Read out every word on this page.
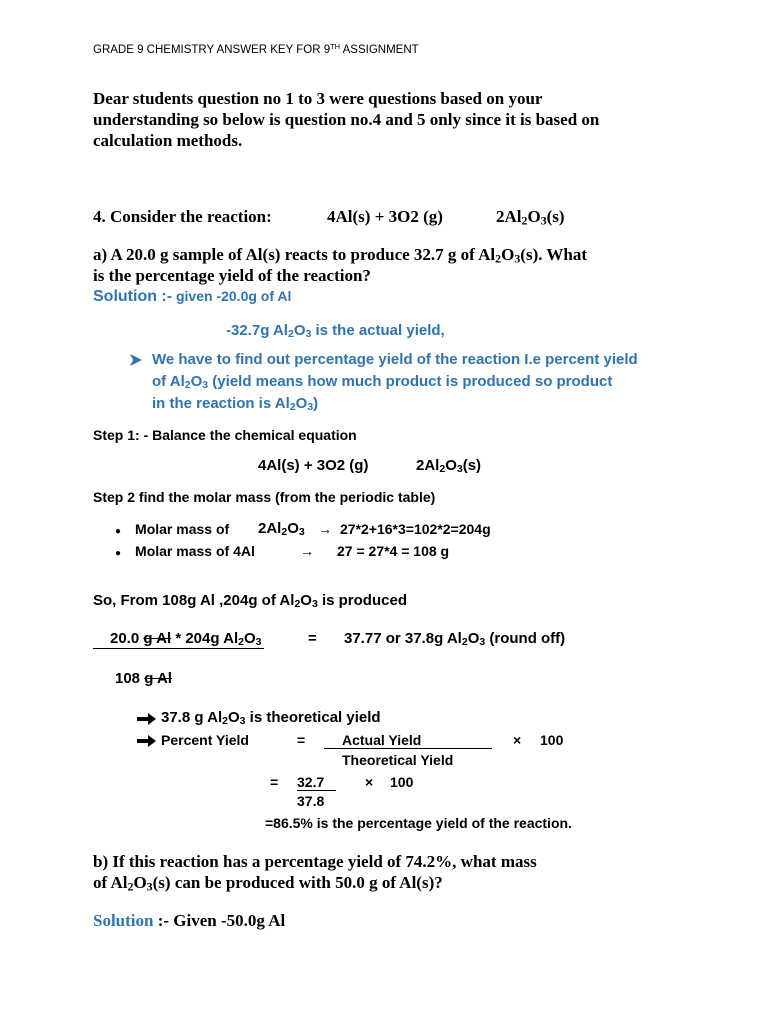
GRADE 9 CHEMISTRY ANSWER KEY FOR 9TH ASSIGNMENT
Dear students question no 1 to 3 were questions based on your
understanding so below is question no.4 and 5 only since it is based on
calculation methods.
4. Consider the reaction:	4Al(s) + 3O2 (g)	$2Al_2O_3(s)$
a) A 20.0 g sample of Al(s) reacts to produce 32.7 g of $Al_2O_3(s)$. What
is the percentage yield of the reaction?
Solution :- given -20.0g of Al
-32.7g $Al_2O_3$ is the actual yield,
We have to find out percentage yield of the reaction I.e percent yield
of $Al_2O_3$ (yield means how much product is produced so product
in the reaction is $Al_2O_3$)
Step 1: - Balance the chemical equation
4Al(s) + 3O2 (g)	$2Al_2O_3(s)$
Step 2 find the molar mass (from the periodic table)
● Molar mass of $2Al_2O_3 \to 27*2+16*3=102*2=204g$
● Molar mass of 4Al	→ 27 = 27*4 = 108 g
So, From 108g Al ,204g of $Al_2O_3$ is produced
20.0 g Al * 204g $Al_2O_3$	= 37.77 or 37.8g $Al_2O_3$ (round off)
108 g Al
37.8 g $Al_2O_3$ is theoretical yield
Percent Yield	=	Actual Yield	× 100
Theoretical Yield
= 32.7	× 100
37.8
=86.5% is the percentage yield of the reaction.
b) If this reaction has a percentage yield of 74.2%, what mass
of $Al_2O_3(s)$ can be produced with 50.0 g of Al(s)?
Solution :- Given -50.0g Al
